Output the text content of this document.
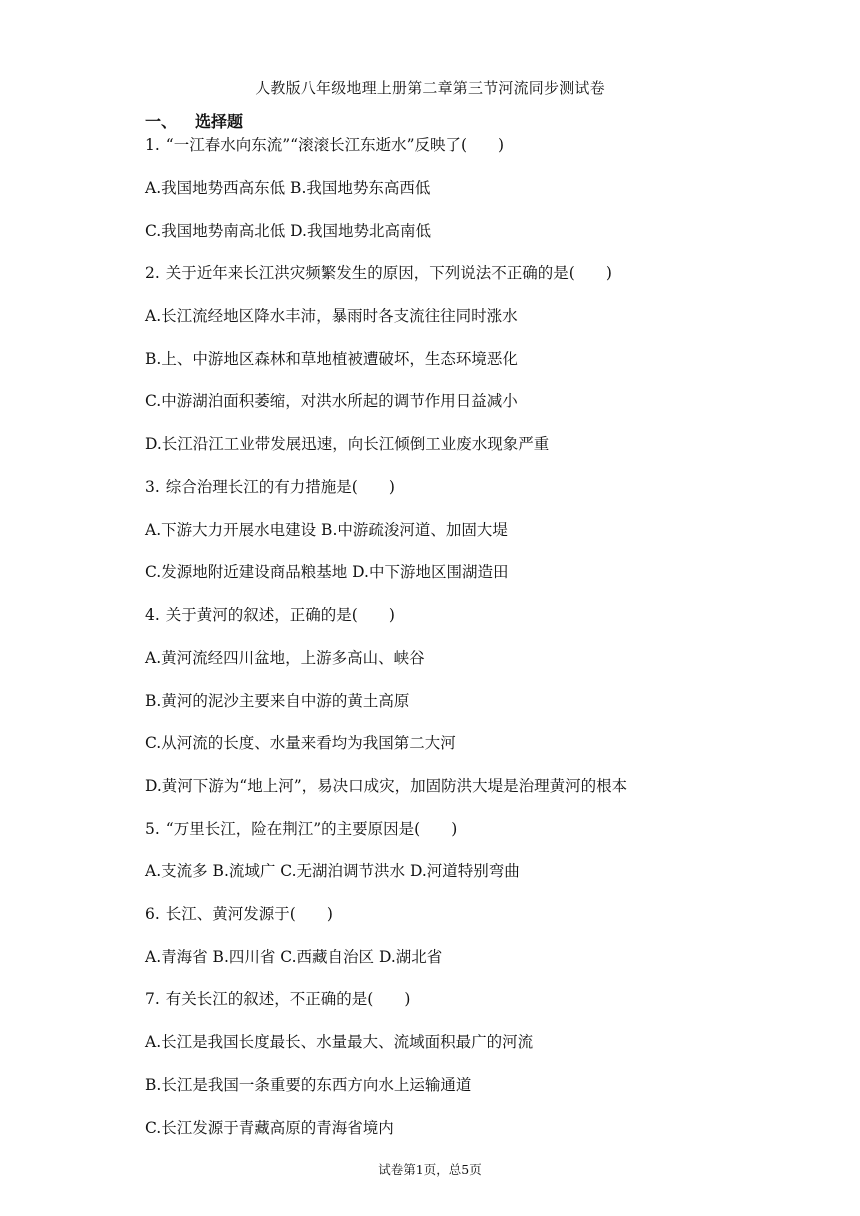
人教版八年级地理上册第二章第三节河流同步测试卷
一、 选择题
1. “一江春水向东流”“滚滚长江东逝水”反映了(　　)
A.我国地势西高东低 B.我国地势东高西低
C.我国地势南高北低 D.我国地势北高南低
2. 关于近年来长江洪灾频繁发生的原因，下列说法不正确的是(　　)
A.长江流经地区降水丰沛，暴雨时各支流往往同时涨水
B.上、中游地区森林和草地植被遭破坏，生态环境恶化
C.中游湖泊面积萎缩，对洪水所起的调节作用日益减小
D.长江沿江工业带发展迅速，向长江倾倒工业废水现象严重
3. 综合治理长江的有力措施是(　　)
A.下游大力开展水电建设 B.中游疏浚河道、加固大堤
C.发源地附近建设商品粮基地 D.中下游地区围湖造田
4. 关于黄河的叙述，正确的是(　　)
A.黄河流经四川盆地，上游多高山、峡谷
B.黄河的泥沙主要来自中游的黄土高原
C.从河流的长度、水量来看均为我国第二大河
D.黄河下游为“地上河”，易决口成灾，加固防洪大堤是治理黄河的根本
5. “万里长江，险在荆江”的主要原因是(　　)
A.支流多 B.流域广 C.无湖泊调节洪水 D.河道特别弯曲
6. 长江、黄河发源于(　　)
A.青海省 B.四川省 C.西藏自治区 D.湖北省
7. 有关长江的叙述，不正确的是(　　)
A.长江是我国长度最长、水量最大、流域面积最广的河流
B.长江是我国一条重要的东西方向水上运输通道
C.长江发源于青藏高原的青海省境内
试卷第1页，总5页
